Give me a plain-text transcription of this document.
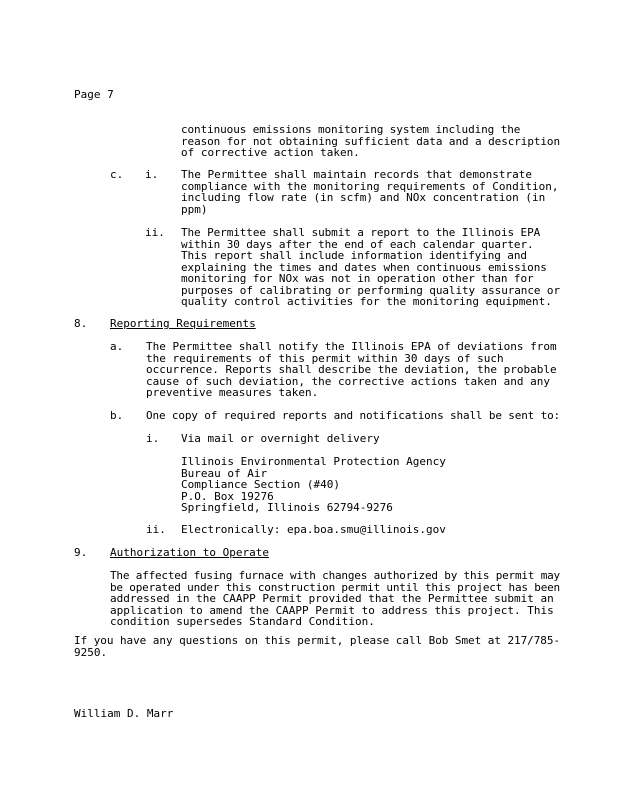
Page 7
continuous emissions monitoring system including the
reason for not obtaining sufficient data and a description
of corrective action taken.
c. i. The Permittee shall maintain records that demonstrate
compliance with the monitoring requirements of Condition,
including flow rate (in scfm) and NOx concentration (in
ppm)
ii. The Permittee shall submit a report to the Illinois EPA
within 30 days after the end of each calendar quarter.
This report shall include information identifying and
explaining the times and dates when continuous emissions
monitoring for NOx was not in operation other than for
purposes of calibrating or performing quality assurance or
quality control activities for the monitoring equipment.
8. Reporting Requirements
a. The Permittee shall notify the Illinois EPA of deviations from
the requirements of this permit within 30 days of such
occurrence. Reports shall describe the deviation, the probable
cause of such deviation, the corrective actions taken and any
preventive measures taken.
b. One copy of required reports and notifications shall be sent to:
i. Via mail or overnight delivery
Illinois Environmental Protection Agency
Bureau of Air
Compliance Section (#40)
P.O. Box 19276
Springfield, Illinois 62794-9276
ii. Electronically: epa.boa.smu@illinois.gov
9. Authorization to Operate
The affected fusing furnace with changes authorized by this permit may
be operated under this construction permit until this project has been
addressed in the CAAPP Permit provided that the Permittee submit an
application to amend the CAAPP Permit to address this project. This
condition supersedes Standard Condition.
If you have any questions on this permit, please call Bob Smet at 217/785-
9250.
William D. Marr
